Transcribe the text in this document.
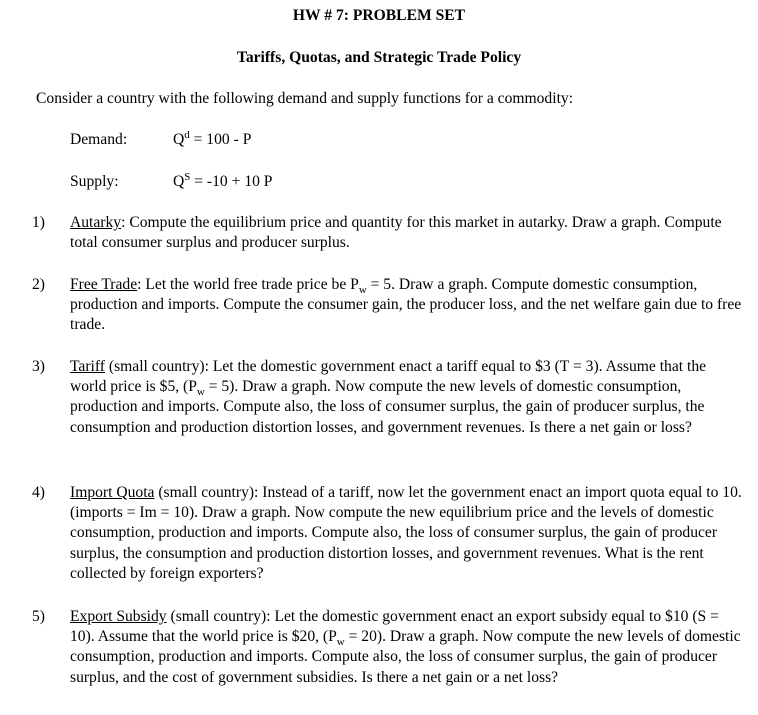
HW # 7: PROBLEM SET
Tariffs, Quotas, and Strategic Trade Policy
Consider a country with the following demand and supply functions for a commodity:
Demand:	$Q^d = 100 - P$
Supply:	$Q^S = -10 + 10$ P
1) Autarky: Compute the equilibrium price and quantity for this market in autarky. Draw a graph. Compute total consumer surplus and producer surplus.
2) Free Trade: Let the world free trade price be $P_w = 5$. Draw a graph. Compute domestic consumption, production and imports. Compute the consumer gain, the producer loss, and the net welfare gain due to free trade.
3) Tariff (small country): Let the domestic government enact a tariff equal to $3 (T = 3). Assume that the world price is $5, $(P_w = 5)$. Draw a graph. Now compute the new levels of domestic consumption, production and imports. Compute also, the loss of consumer surplus, the gain of producer surplus, the consumption and production distortion losses, and government revenues. Is there a net gain or loss?
4) Import Quota (small country): Instead of a tariff, now let the government enact an import quota equal to 10. (imports = Im = 10). Draw a graph. Now compute the new equilibrium price and the levels of domestic consumption, production and imports. Compute also, the loss of consumer surplus, the gain of producer surplus, the consumption and production distortion losses, and government revenues. What is the rent collected by foreign exporters?
5) Export Subsidy (small country): Let the domestic government enact an export subsidy equal to $10 (S = 10). Assume that the world price is $20, $(P_w = 20)$. Draw a graph. Now compute the new levels of domestic consumption, production and imports. Compute also, the loss of consumer surplus, the gain of producer surplus, and the cost of government subsidies. Is there a net gain or a net loss?
